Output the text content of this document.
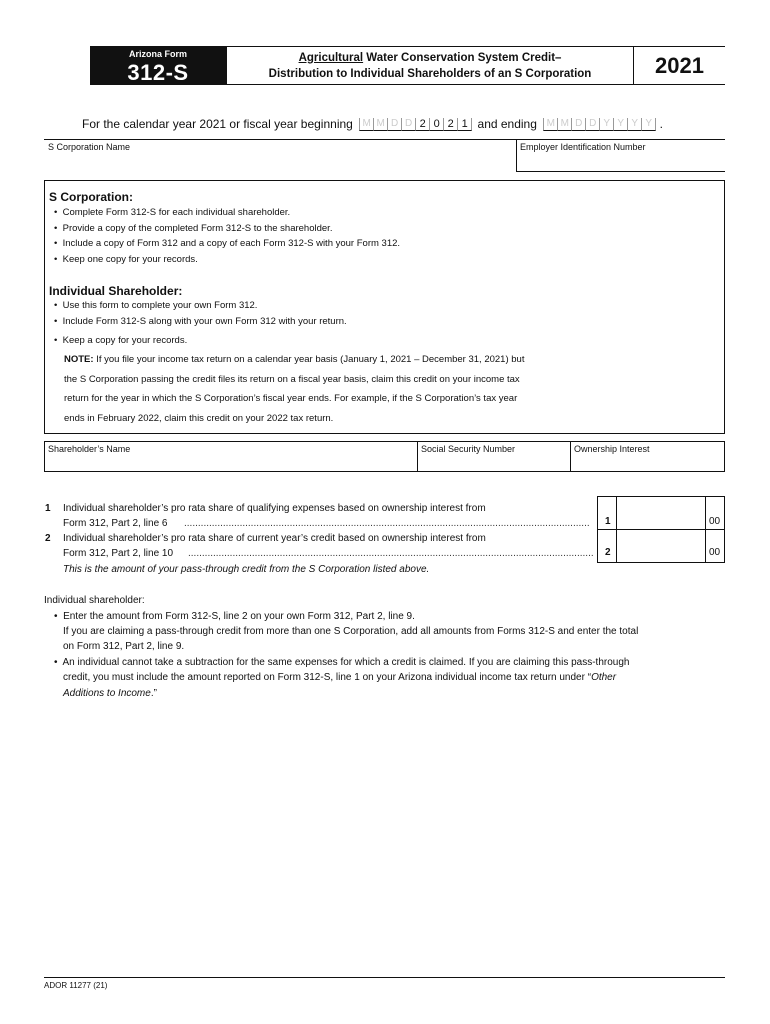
Arizona Form
312-S
Agricultural Water Conservation System Credit–
Distribution to Individual Shareholders of an S Corporation	2021
For the calendar year 2021 or fiscal year beginning M M D D 2 0 2 1 and ending M M D D Y Y Y Y .
S Corporation Name	Employer Identification Number
S Corporation:
•  Complete Form 312-S for each individual shareholder.
•  Provide a copy of the completed Form 312-S to the shareholder.
•  Include a copy of Form 312 and a copy of each Form 312-S with your Form 312.
•  Keep one copy for your records.
Individual Shareholder:
•  Use this form to complete your own Form 312.
•  Include Form 312-S along with your own Form 312 with your return.
•  Keep a copy for your records.
NOTE: If you file your income tax return on a calendar year basis (January 1, 2021 – December 31, 2021) but
the S Corporation passing the credit files its return on a fiscal year basis, claim this credit on your income tax
return for the year in which the S Corporation’s fiscal year ends. For example, if the S Corporation’s tax year
ends in February 2022, claim this credit on your 2022 tax return.
Shareholder’s Name	Social Security Number	Ownership Interest
1 Individual shareholder’s pro rata share of qualifying expenses based on ownership interest from
Form 312, Part 2, line 6 ..................................................................................................................................................	1	00
2 Individual shareholder’s pro rata share of current year’s credit based on ownership interest from
Form 312, Part 2, line 10 .................................................................................................................................................. 2	00
This is the amount of your pass-through credit from the S Corporation listed above.
Individual shareholder:
•  Enter the amount from Form 312-S, line 2 on your own Form 312, Part 2, line 9.
If you are claiming a pass-through credit from more than one S Corporation, add all amounts from Forms 312-S and enter the total
on Form 312, Part 2, line 9.
•  An individual cannot take a subtraction for the same expenses for which a credit is claimed. If you are claiming this pass-through
credit, you must include the amount reported on Form 312-S, line 1 on your Arizona individual income tax return under “Other
Additions to Income.”
ADOR 11277 (21)
